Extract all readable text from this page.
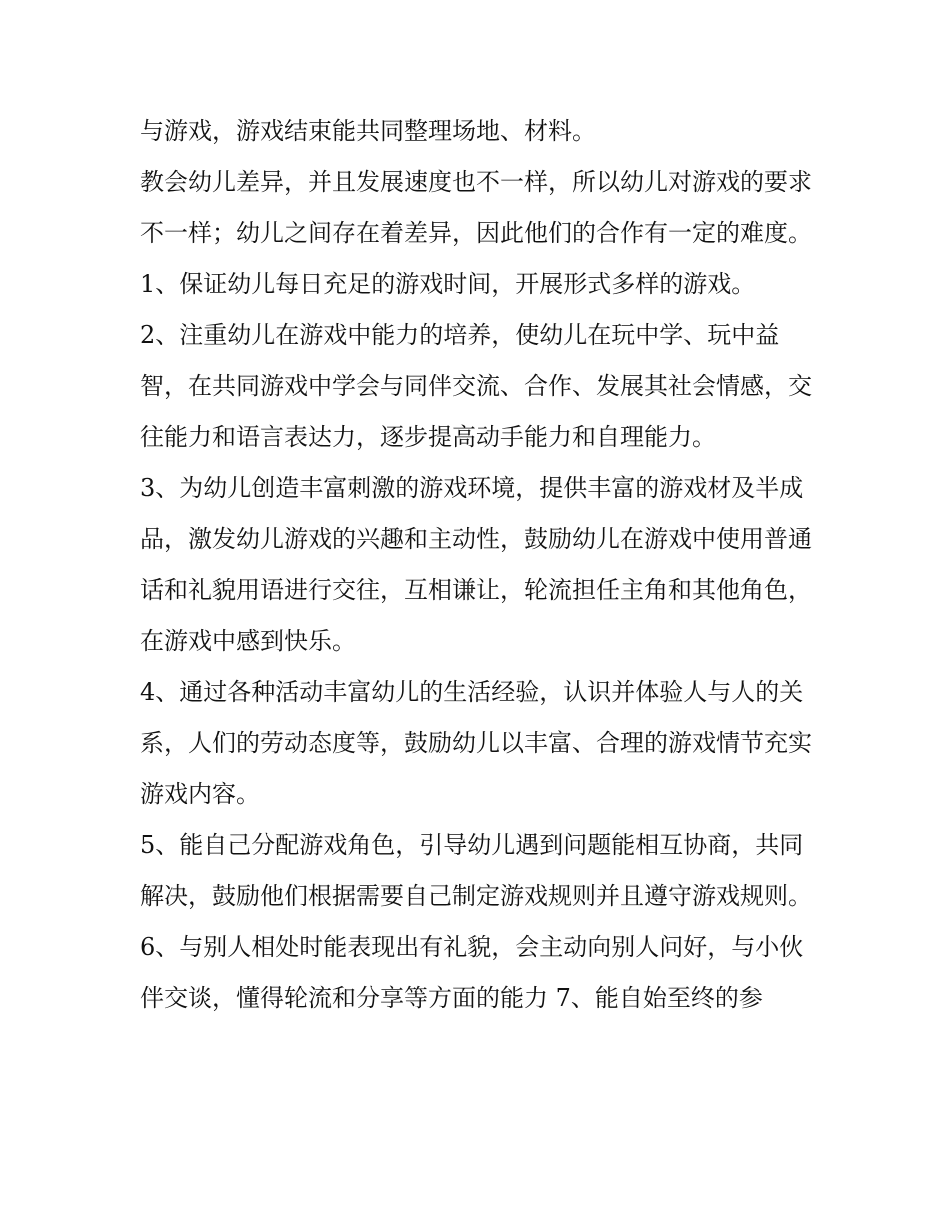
与游戏，游戏结束能共同整理场地、材料。

教会幼儿差异，并且发展速度也不一样，所以幼儿对游戏的要求不一样；幼儿之间存在着差异，因此他们的合作有一定的难度。

1、保证幼儿每日充足的游戏时间，开展形式多样的游戏。

2、注重幼儿在游戏中能力的培养，使幼儿在玩中学、玩中益智，在共同游戏中学会与同伴交流、合作、发展其社会情感，交往能力和语言表达力，逐步提高动手能力和自理能力。

3、为幼儿创造丰富刺激的游戏环境，提供丰富的游戏材及半成品，激发幼儿游戏的兴趣和主动性，鼓励幼儿在游戏中使用普通话和礼貌用语进行交往，互相谦让，轮流担任主角和其他角色，在游戏中感到快乐。

4、通过各种活动丰富幼儿的生活经验，认识并体验人与人的关系，人们的劳动态度等，鼓励幼儿以丰富、合理的游戏情节充实游戏内容。

5、能自己分配游戏角色，引导幼儿遇到问题能相互协商，共同解决，鼓励他们根据需要自己制定游戏规则并且遵守游戏规则。

6、与别人相处时能表现出有礼貌，会主动向别人问好，与小伙伴交谈，懂得轮流和分享等方面的能力 7、能自始至终的参
